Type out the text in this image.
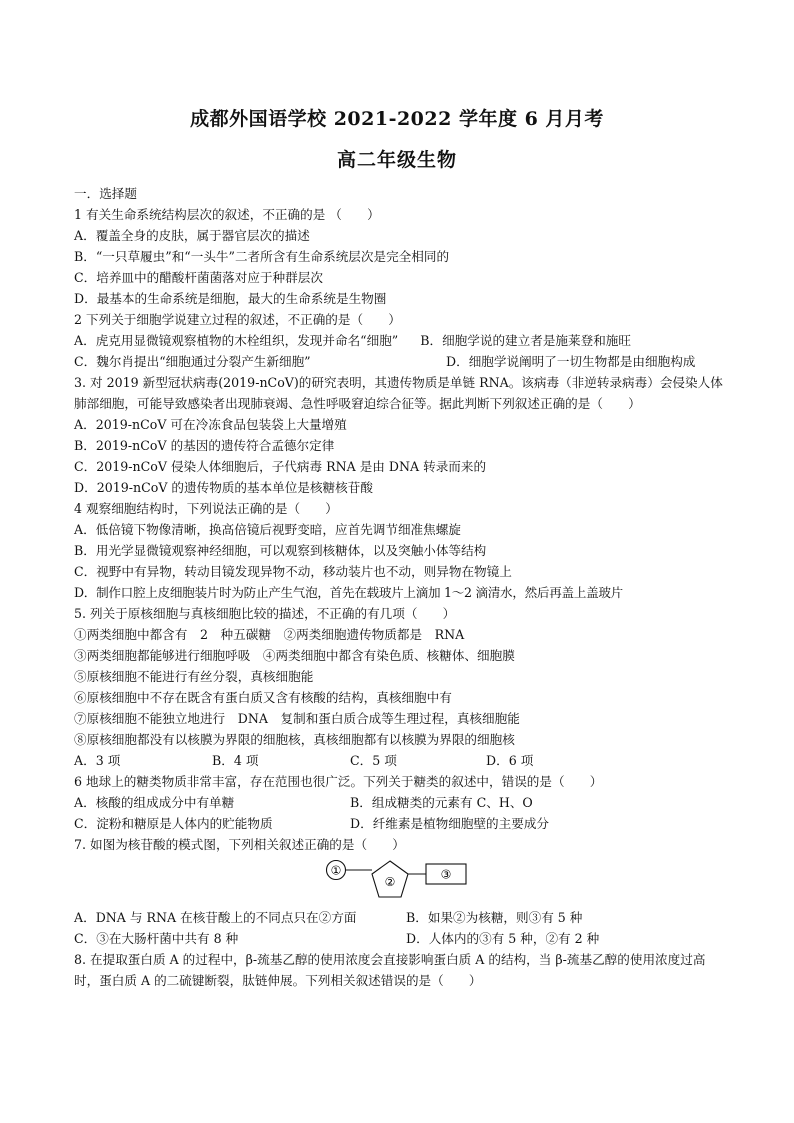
成都外国语学校 2021-2022 学年度 6 月月考
高二年级生物
一．选择题
1 有关生命系统结构层次的叙述，不正确的是 （　　）
A．覆盖全身的皮肤，属于器官层次的描述
B．“一只草履虫”和“一头牛”二者所含有生命系统层次是完全相同的
C．培养皿中的醋酸杆菌菌落对应于种群层次
D．最基本的生命系统是细胞，最大的生命系统是生物圈
2 下列关于细胞学说建立过程的叙述，不正确的是（　　）
A．虎克用显微镜观察植物的木栓组织，发现并命名“细胞” B．细胞学说的建立者是施莱登和施旺
C．魏尔肖提出“细胞通过分裂产生新细胞”	D．细胞学说阐明了一切生物都是由细胞构成
3. 对 2019 新型冠状病毒(2019-nCoV)的研究表明，其遗传物质是单链 RNA。该病毒（非逆转录病毒）会侵染人体肺部细胞，可能导致感染者出现肺衰竭、急性呼吸窘迫综合征等。据此判断下列叙述正确的是（　　）
A．2019-nCoV 可在冷冻食品包装袋上大量增殖
B．2019-nCoV 的基因的遗传符合孟德尔定律
C．2019-nCoV 侵染人体细胞后，子代病毒 RNA 是由 DNA 转录而来的
D．2019-nCoV 的遗传物质的基本单位是核糖核苷酸
4 观察细胞结构时，下列说法正确的是（　　）
A．低倍镜下物像清晰，换高倍镜后视野变暗，应首先调节细准焦螺旋
B．用光学显微镜观察神经细胞，可以观察到核糖体，以及突触小体等结构
C．视野中有异物，转动目镜发现异物不动，移动装片也不动，则异物在物镜上
D．制作口腔上皮细胞装片时为防止产生气泡，首先在载玻片上滴加 1～2 滴清水，然后再盖上盖玻片
5. 列关于原核细胞与真核细胞比较的描述，不正确的有几项（　　）
①两类细胞中都含有　2　种五碳糖　②两类细胞遗传物质都是　RNA
③两类细胞都能够进行细胞呼吸　④两类细胞中都含有染色质、核糖体、细胞膜
⑤原核细胞不能进行有丝分裂，真核细胞能
⑥原核细胞中不存在既含有蛋白质又含有核酸的结构，真核细胞中有
⑦原核细胞不能独立地进行　DNA　复制和蛋白质合成等生理过程，真核细胞能
⑧原核细胞都没有以核膜为界限的细胞核，真核细胞都有以核膜为界限的细胞核
A．3 项	B．4 项	C．5 项	D．6 项
6 地球上的糖类物质非常丰富，存在范围也很广泛。下列关于糖类的叙述中，错误的是（　　）
A．核酸的组成成分中有单糖	B．组成糖类的元素有 C、H、O
C．淀粉和糖原是人体内的贮能物质	D．纤维素是植物细胞壁的主要成分
7. 如图为核苷酸的模式图，下列相关叙述正确的是（　　）
①
②
③
A．DNA 与 RNA 在核苷酸上的不同点只在②方面	B．如果②为核糖，则③有 5 种
C．③在大肠杆菌中共有 8 种	D．人体内的③有 5 种，②有 2 种
8. 在提取蛋白质 A 的过程中，β-巯基乙醇的使用浓度会直接影响蛋白质 A 的结构，当 β-巯基乙醇的使用浓度过高时，蛋白质 A 的二硫键断裂，肽链伸展。下列相关叙述错误的是（　　）
